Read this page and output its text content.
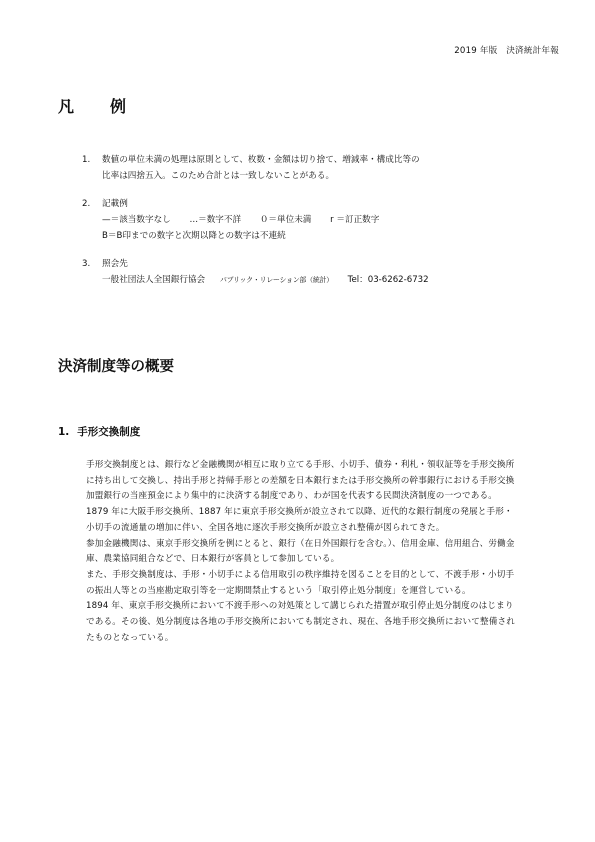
2019 年版　決済統計年報
凡例
1. 数値の単位未満の処理は原則として、枚数・金額は切り捨て、増減率・構成比等の
比率は四捨五入。このため合計とは一致しないことがある。
2. 記載例
—＝該当数字なし …＝数字不詳 ０＝単位未満 r ＝訂正数字
B＝B印までの数字と次期以降との数字は不連続
3. 照会先
一般社団法人全国銀行協会 パブリック・リレーション部（統計） Tel：03-6262-6732
決済制度等の概要
1. 手形交換制度

手形交換制度とは、銀行など金融機関が相互に取り立てる手形、小切手、債券・利札・領収証等を手形交換所に持ち出して交換し、持出手形と持帰手形との差額を日本銀行または手形交換所の幹事銀行における手形交換加盟銀行の当座預金により集中的に決済する制度であり、わが国を代表する民間決済制度の一つである。

1879 年に大阪手形交換所、1887 年に東京手形交換所が設立されて以降、近代的な銀行制度の発展と手形・小切手の流通量の増加に伴い、全国各地に逐次手形交換所が設立され整備が図られてきた。

参加金融機関は、東京手形交換所を例にとると、銀行（在日外国銀行を含む。）、信用金庫、信用組合、労働金庫、農業協同組合などで、日本銀行が客員として参加している。

また、手形交換制度は、手形・小切手による信用取引の秩序維持を図ることを目的として、不渡手形・小切手の振出人等との当座勘定取引等を一定期間禁止するという「取引停止処分制度」を運営している。

1894 年、東京手形交換所において不渡手形への対処策として講じられた措置が取引停止処分制度のはじまりである。その後、処分制度は各地の手形交換所においても制定され、現在、各地手形交換所において整備されたものとなっている。
